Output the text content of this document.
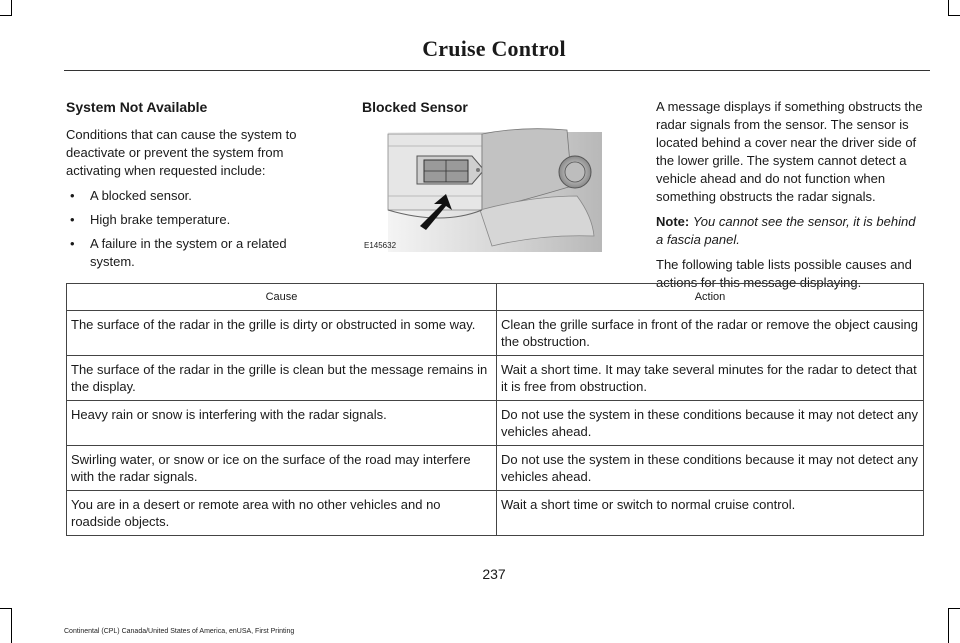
Cruise Control
System Not Available

Conditions that can cause the system to deactivate or prevent the system from activating when requested include:

• A blocked sensor.
• High brake temperature.
• A failure in the system or a related system.
Blocked Sensor
E145632

A message displays if something obstructs the radar signals from the sensor. The sensor is located behind a cover near the driver side of the lower grille. The system cannot detect a vehicle ahead and do not function when something obstructs the radar signals.

Note: You cannot see the sensor, it is behind a fascia panel.

The following table lists possible causes and actions for this message displaying.

Cause	Action
The surface of the radar in the grille is dirty or obstructed in some way.	Clean the grille surface in front of the radar or remove the object causing the obstruction.
The surface of the radar in the grille is clean but the message remains in the display.	Wait a short time. It may take several minutes for the radar to detect that it is free from obstruction.
Heavy rain or snow is interfering with the radar signals.	Do not use the system in these conditions because it may not detect any vehicles ahead.
Swirling water, or snow or ice on the surface of the road may interfere with the radar signals.	Do not use the system in these conditions because it may not detect any vehicles ahead.
You are in a desert or remote area with no other vehicles and no roadside objects.	Wait a short time or switch to normal cruise control.
237
Continental (CPL) Canada/United States of America, enUSA, First Printing
